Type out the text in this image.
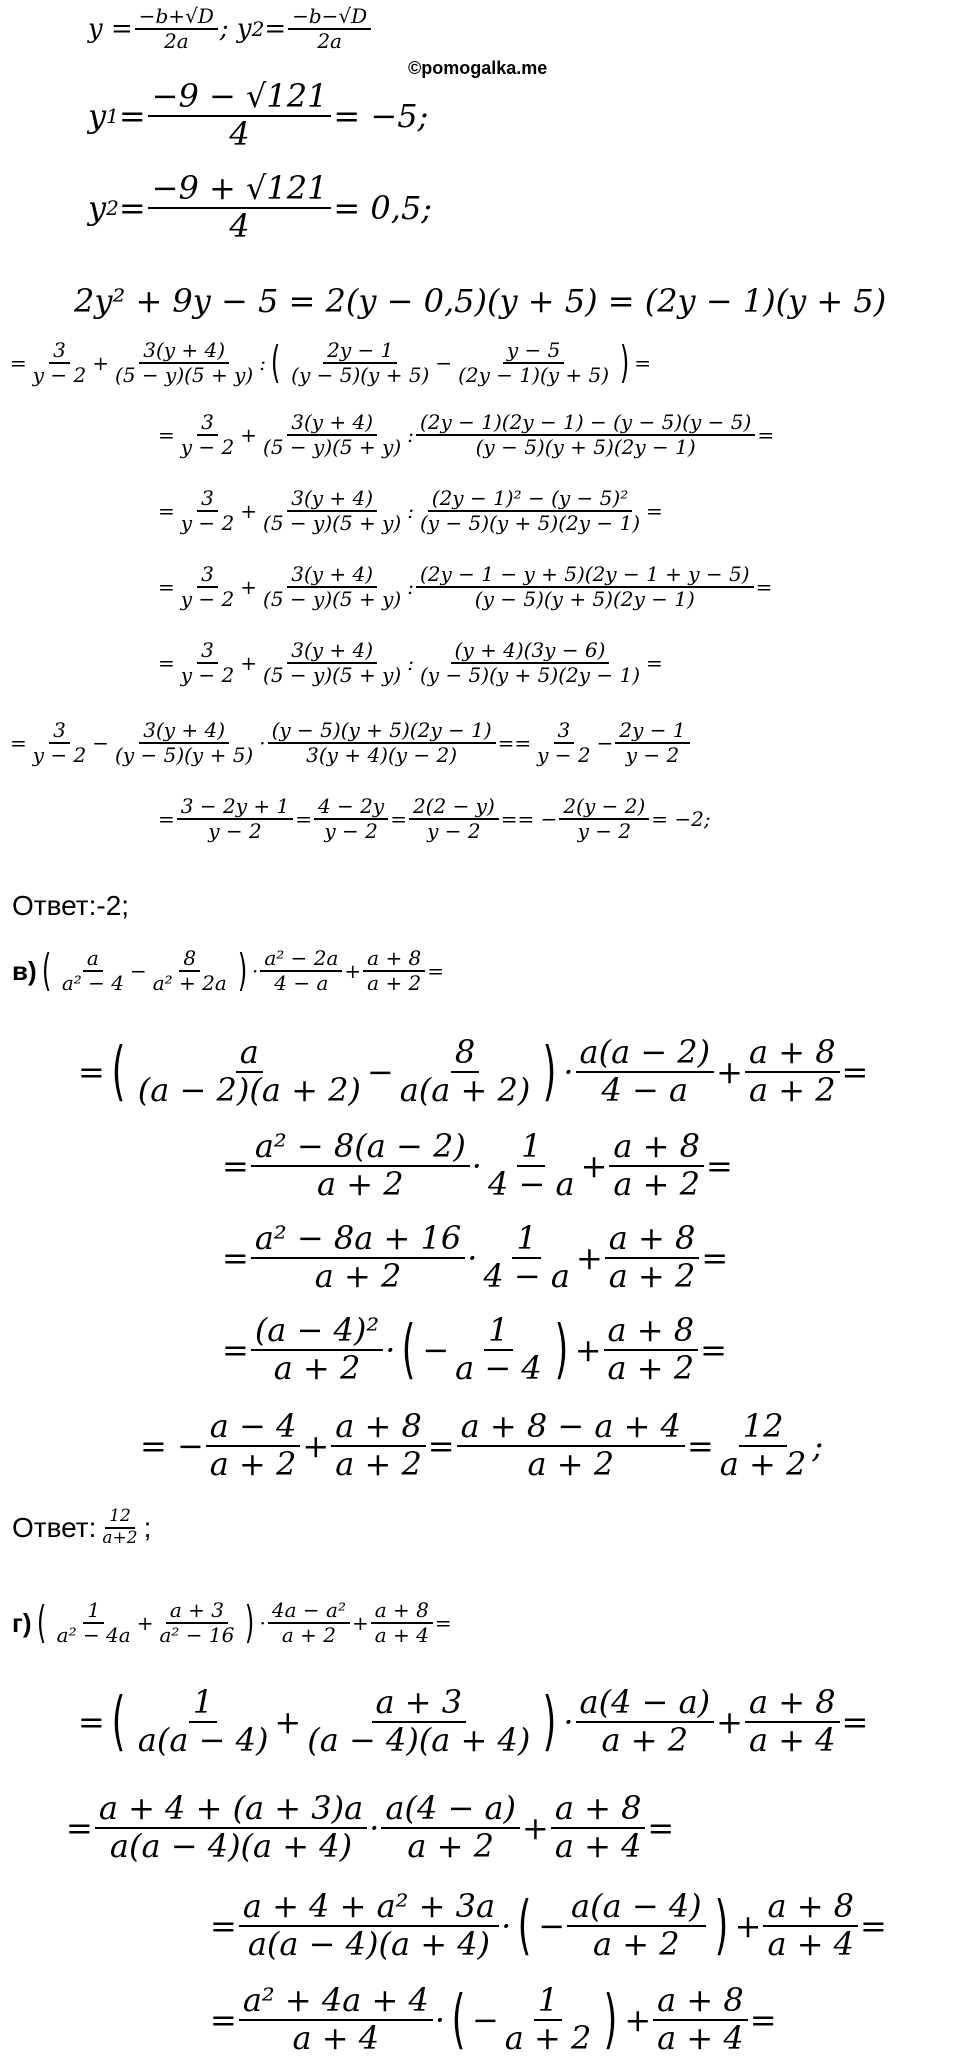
$y = \frac{-b+√D}{2a}$ ; y $2 = \frac{-b-√D}{2a}$
©pomogalka.me
y $1 = \frac{-9 - √121}{4} = -5$;
y $2 = \frac{-9 + √121}{4} = 0,5$;
2y² + 9y − 5 = 2(y − 0,5)(y + 5) = (2y − 1)(y + 5)
= $\frac{3}{y - 2} + \frac{3(y + 4)}{(5 - y)(5 + y)}$ : ( $\frac{2y - 1}{(y - 5)(y + 5)} - \frac{y - 5}{(2y - 1)(y + 5)}$ ) =
= $\frac{3}{y - 2} + \frac{3(y + 4)}{(5 - y)(5 + y)}$ : $\frac{(2y - 1)(2y - 1) - (y - 5)(y - 5)}{(y - 5)(y + 5)(2y - 1)}$ =
= $\frac{3}{y - 2} + \frac{3(y + 4)}{(5 - y)(5 + y)}$ : $\frac{\text{(2y − 1)² − (y − 5)²}}{(y - 5)(y + 5)(2y - 1)}$ =
= $\frac{3}{y - 2} + \frac{3(y + 4)}{(5 - y)(5 + y)}$ : $\frac{(2y - 1 - y + 5)(2y - 1 + y - 5)}{(y - 5)(y + 5)(2y - 1)}$ =
= $\frac{3}{y - 2} + \frac{3(y + 4)}{(5 - y)(5 + y)}$ : $\frac{(y + 4)(3y - 6)}{(y - 5)(y + 5)(2y - 1)}$ =
= $\frac{3}{y - 2} - \frac{3(y + 4)}{(y - 5)(y + 5)} \cdot \frac{(y - 5)(y + 5)(2y - 1)}{3(y + 4)(y - 2)} == \frac{3}{y - 2} - \frac{2y - 1}{y - 2}$
= $\frac{3 - 2y + 1}{y - 2} = \frac{4 - 2y}{y - 2} = \frac{2(2 - y)}{y - 2}$ == − $\frac{2(y - 2)}{y - 2} = -2$;
Ответ:-2;
в) ( $\frac{a}{\text{a² − 4}} - \frac{8}{\text{a² + 2a}}$ ) · $\frac{\text{a² − 2a}}{4 - a} + \frac{a + 8}{a + 2}$ =
= ( $\frac{a}{(a - 2)(a + 2)} - \frac{8}{a(a + 2)}$ ) · $\frac{a(a - 2)}{4 - a} + \frac{a + 8}{a + 2}$ =
= $\frac{\text{a² − 8(a − 2)}}{a + 2} \cdot \frac{1}{4 - a} + \frac{a + 8}{a + 2}$ =
= $\frac{\text{a² − 8a + 16}}{a + 2} \cdot \frac{1}{4 - a} + \frac{a + 8}{a + 2}$ =
= $\frac{\text{(a − 4)²}}{a + 2}$ · ( − $\frac{1}{a - 4}$ ) + $\frac{a + 8}{a + 2}$ =
= − $\frac{a - 4}{a + 2} + \frac{a + 8}{a + 2} = \frac{a + 8 - a + 4}{a + 2} = \frac{12}{a + 2}$ ;
Ответ: $\frac{12}{a+2}$ ;
г) ( $\frac{1}{\text{a² − 4a}} + \frac{a + 3}{\text{a² − 16}}$ ) · $\frac{\text{4a − a²}}{a + 2} + \frac{a + 8}{a + 4}$ =
= ( $\frac{1}{a(a - 4)} + \frac{a + 3}{(a - 4)(a + 4)}$ ) · $\frac{a(4 - a)}{a + 2} + \frac{a + 8}{a + 4}$ =
= $\frac{a + 4 + (a + 3)a}{a(a - 4)(a + 4)} \cdot \frac{a(4 - a)}{a + 2} + \frac{a + 8}{a + 4}$ =
= $\frac{\text{a + 4 + a² + 3a}}{a(a - 4)(a + 4)}$ · ( − $\frac{a(a - 4)}{a + 2}$ ) + $\frac{a + 8}{a + 4}$ =
= $\frac{\text{a² + 4a + 4}}{a + 4}$ · ( − $\frac{1}{a + 2}$ ) + $\frac{a + 8}{a + 4}$ =
